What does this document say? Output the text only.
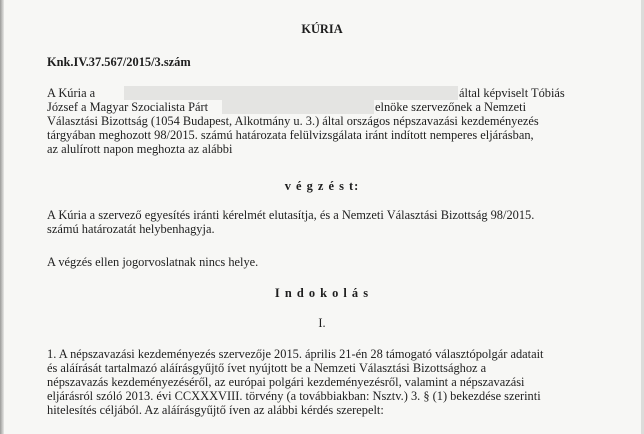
KÚRIA
Knk.IV.37.567/2015/3.szám
A Kúria a	által képviselt Tóbiás
József a Magyar Szocialista Párt	elnöke szervezőnek a Nemzeti
Választási Bizottság (1054 Budapest, Alkotmány u. 3.) által országos népszavazási kezdeményezés
tárgyában meghozott 98/2015. számú határozata felülvizsgálata iránt indított nemperes eljárásban,
az alulírott napon meghozta az alábbi
v é g z é s t:
A Kúria a szervező egyesítés iránti kérelmét elutasítja, és a Nemzeti Választási Bizottság 98/2015.
számú határozatát helybenhagyja.
A végzés ellen jogorvoslatnak nincs helye.
I n d o k o l á s
I.
1. A népszavazási kezdeményezés szervezője 2015. április 21-én 28 támogató választópolgár adatait
és aláírását tartalmazó aláírásgyűjtő ívet nyújtott be a Nemzeti Választási Bizottsághoz a
népszavazás kezdeményezéséről, az európai polgári kezdeményezésről, valamint a népszavazási
eljárásról szóló 2013. évi CCXXXVIII. törvény (a továbbiakban: Nsztv.) 3. § (1) bekezdése szerinti
hitelesítés céljából. Az aláírásgyűjtő íven az alábbi kérdés szerepelt:
